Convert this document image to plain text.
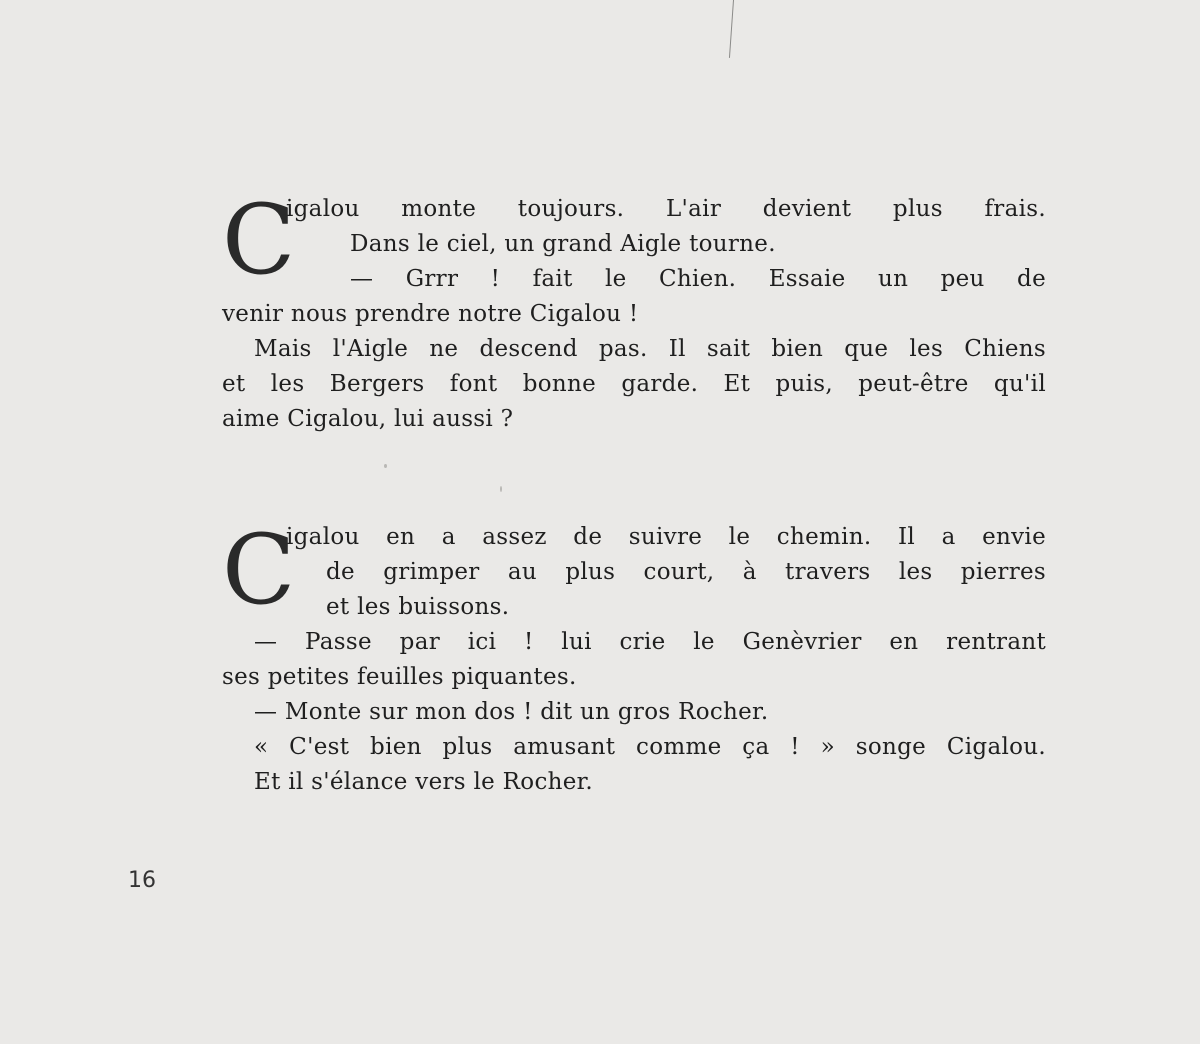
C
igalou monte toujours. L'air devient plus frais.
Dans le ciel, un grand Aigle tourne.
— Grrr ! fait le Chien. Essaie un peu de
venir nous prendre notre Cigalou !
Mais l'Aigle ne descend pas. Il sait bien que les Chiens
et les Bergers font bonne garde. Et puis, peut-être qu'il
aime Cigalou, lui aussi ?
C
igalou en a assez de suivre le chemin. Il a envie
de grimper au plus court, à travers les pierres
et les buissons.
— Passe par ici ! lui crie le Genèvrier en rentrant
ses petites feuilles piquantes.
— Monte sur mon dos ! dit un gros Rocher.
« C'est bien plus amusant comme ça ! » songe Cigalou.
Et il s'élance vers le Rocher.
16
